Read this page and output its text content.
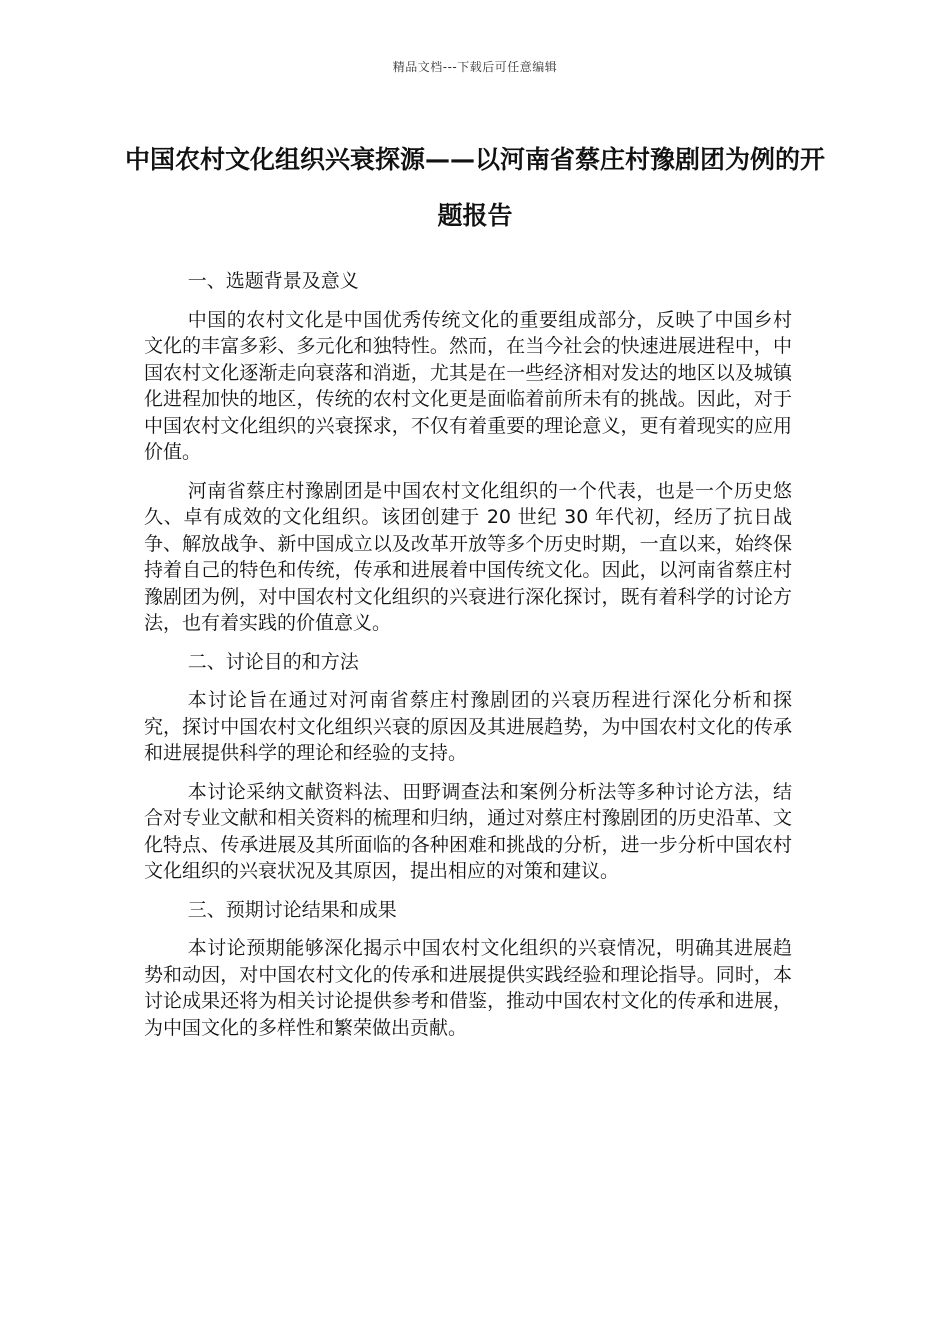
精品文档---下载后可任意编辑
中国农村文化组织兴衰探源——以河南省蔡庄村豫剧团为例的开题报告

一、选题背景及意义

中国的农村文化是中国优秀传统文化的重要组成部分，反映了中国乡村文化的丰富多彩、多元化和独特性。然而，在当今社会的快速进展进程中，中国农村文化逐渐走向衰落和消逝，尤其是在一些经济相对发达的地区以及城镇化进程加快的地区，传统的农村文化更是面临着前所未有的挑战。因此，对于中国农村文化组织的兴衰探求，不仅有着重要的理论意义，更有着现实的应用价值。

河南省蔡庄村豫剧团是中国农村文化组织的一个代表，也是一个历史悠久、卓有成效的文化组织。该团创建于 20 世纪 30 年代初，经历了抗日战争、解放战争、新中国成立以及改革开放等多个历史时期，一直以来，始终保持着自己的特色和传统，传承和进展着中国传统文化。因此，以河南省蔡庄村豫剧团为例，对中国农村文化组织的兴衰进行深化探讨，既有着科学的讨论方法，也有着实践的价值意义。

二、讨论目的和方法

本讨论旨在通过对河南省蔡庄村豫剧团的兴衰历程进行深化分析和探究，探讨中国农村文化组织兴衰的原因及其进展趋势，为中国农村文化的传承和进展提供科学的理论和经验的支持。

本讨论采纳文献资料法、田野调查法和案例分析法等多种讨论方法，结合对专业文献和相关资料的梳理和归纳，通过对蔡庄村豫剧团的历史沿革、文化特点、传承进展及其所面临的各种困难和挑战的分析，进一步分析中国农村文化组织的兴衰状况及其原因，提出相应的对策和建议。

三、预期讨论结果和成果

本讨论预期能够深化揭示中国农村文化组织的兴衰情况，明确其进展趋势和动因，对中国农村文化的传承和进展提供实践经验和理论指导。同时，本讨论成果还将为相关讨论提供参考和借鉴，推动中国农村文化的传承和进展，为中国文化的多样性和繁荣做出贡献。
